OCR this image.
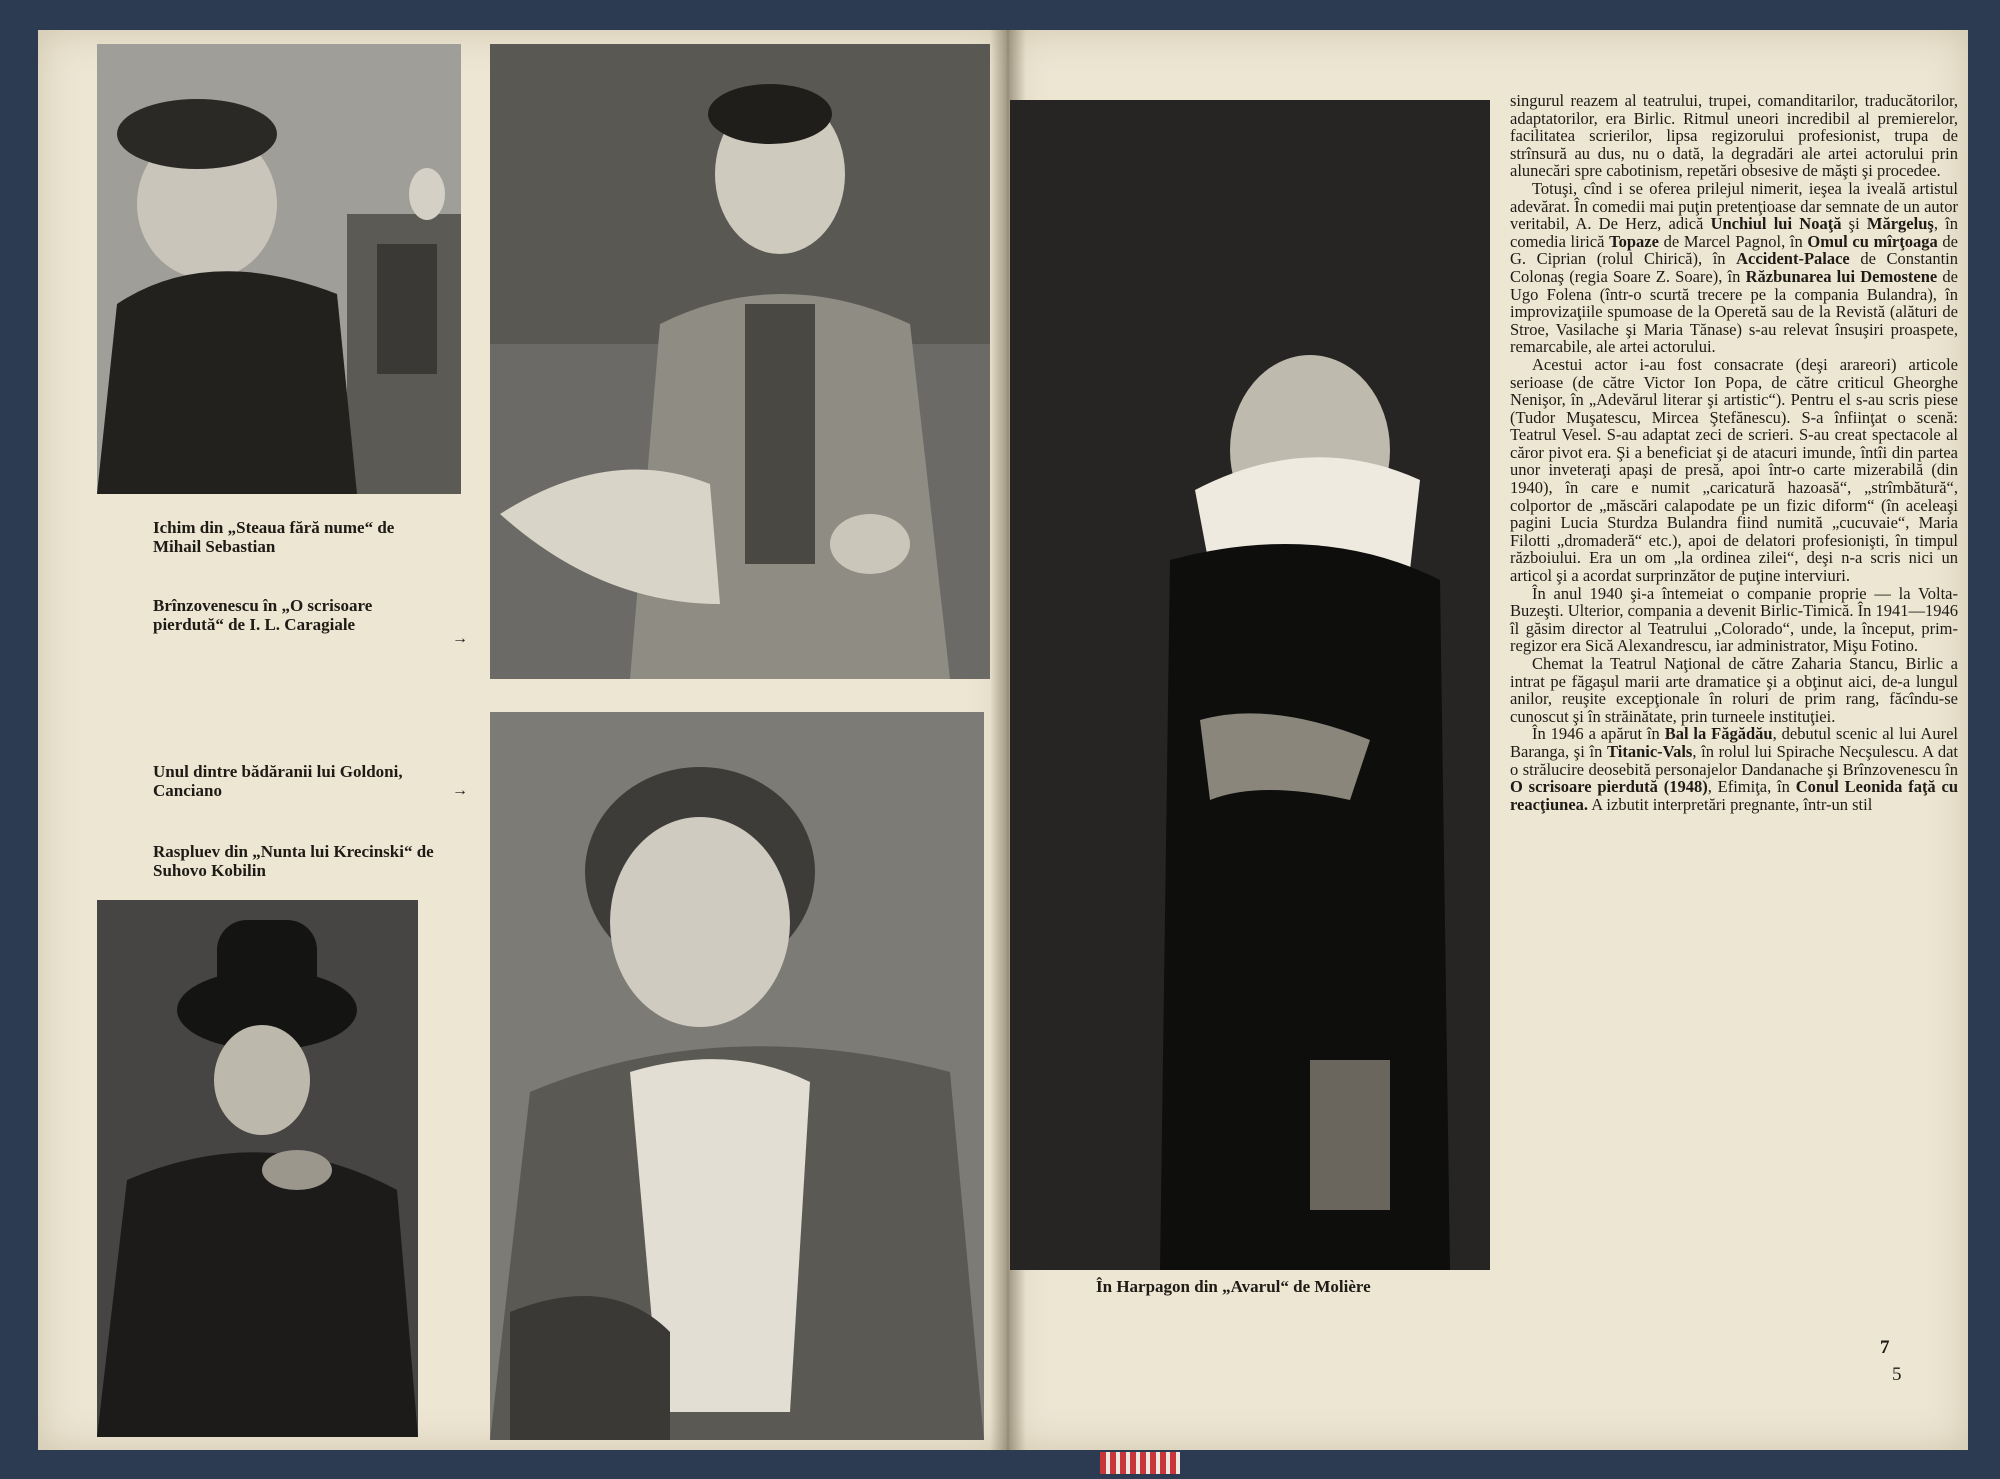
Ichim din „Steaua fără nume“ de Mihail Sebastian
Brînzovenescu în „O scrisoare pierdută“ de I. L. Caragiale
→
Unul dintre bădăranii lui Goldoni, Canciano	→
Raspluev din „Nunta lui Krecinski“ de Suhovo Kobilin
În Harpagon din „Avarul“ de Molière

singurul reazem al teatrului, trupei, comanditarilor, traducătorilor, adaptatorilor, era Birlic. Ritmul uneori incredibil al premierelor, facilitatea scrierilor, lipsa regizorului profesionist, trupa de strînsură au dus, nu o dată, la degradări ale artei actorului prin alunecări spre cabotinism, repetări obsesive de măşti şi procedee.

Totuşi, cînd i se oferea prilejul nimerit, ieşea la iveală artistul adevărat. În comedii mai puţin pretenţioase dar semnate de un autor veritabil, A. De Herz, adică Unchiul lui Noaţă şi Mărgeluş, în comedia lirică Topaze de Marcel Pagnol, în Omul cu mîrţoaga de G. Ciprian (rolul Chirică), în Accident-Palace de Constantin Colonaş (regia Soare Z. Soare), în Răzbunarea lui Demostene de Ugo Folena (într-o scurtă trecere pe la compania Bulandra), în improvizaţiile spumoase de la Operetă sau de la Revistă (alături de Stroe, Vasilache şi Maria Tănase) s-au relevat însuşiri proaspete, remarcabile, ale artei actorului.

Acestui actor i-au fost consacrate (deşi arareori) articole serioase (de către Victor Ion Popa, de către criticul Gheorghe Nenişor, în „Adevărul literar şi artistic“). Pentru el s-au scris piese (Tudor Muşatescu, Mircea Ştefănescu). S-a înfiinţat o scenă: Teatrul Vesel. S-au adaptat zeci de scrieri. S-au creat spectacole al căror pivot era. Şi a beneficiat şi de atacuri imunde, întîi din partea unor inveteraţi apaşi de presă, apoi într-o carte mizerabilă (din 1940), în care e numit „caricatură hazoasă“, „strîmbătură“, colportor de „măscări calapodate pe un fizic diform“ (în aceleaşi pagini Lucia Sturdza Bulandra fiind numită „cucuvaie“, Maria Filotti „dromaderă“ etc.), apoi de delatori profesionişti, în timpul războiului. Era un om „la ordinea zilei“, deşi n-a scris nici un articol şi a acordat surprinzător de puţine interviuri.

În anul 1940 şi-a întemeiat o companie proprie — la Volta-Buzeşti. Ulterior, compania a devenit Birlic-Timică. În 1941—1946 îl găsim director al Teatrului „Colorado“, unde, la început, prim-regizor era Sică Alexandrescu, iar administrator, Mişu Fotino.

Chemat la Teatrul Naţional de către Zaharia Stancu, Birlic a intrat pe făgaşul marii arte dramatice şi a obţinut aici, de-a lungul anilor, reuşite excepţionale în roluri de prim rang, făcîndu-se cunoscut şi în străinătate, prin turneele instituţiei.

În 1946 a apărut în Bal la Făgădău, debutul scenic al lui Aurel Baranga, şi în Titanic-Vals, în rolul lui Spirache Necşulescu. A dat o strălucire deosebită personajelor Dandanache şi Brînzovenescu în O scrisoare pierdută (1948), Efimiţa, în Conul Leonida faţă cu reacţiunea. A izbutit interpretări pregnante, într-un stil

7
5
